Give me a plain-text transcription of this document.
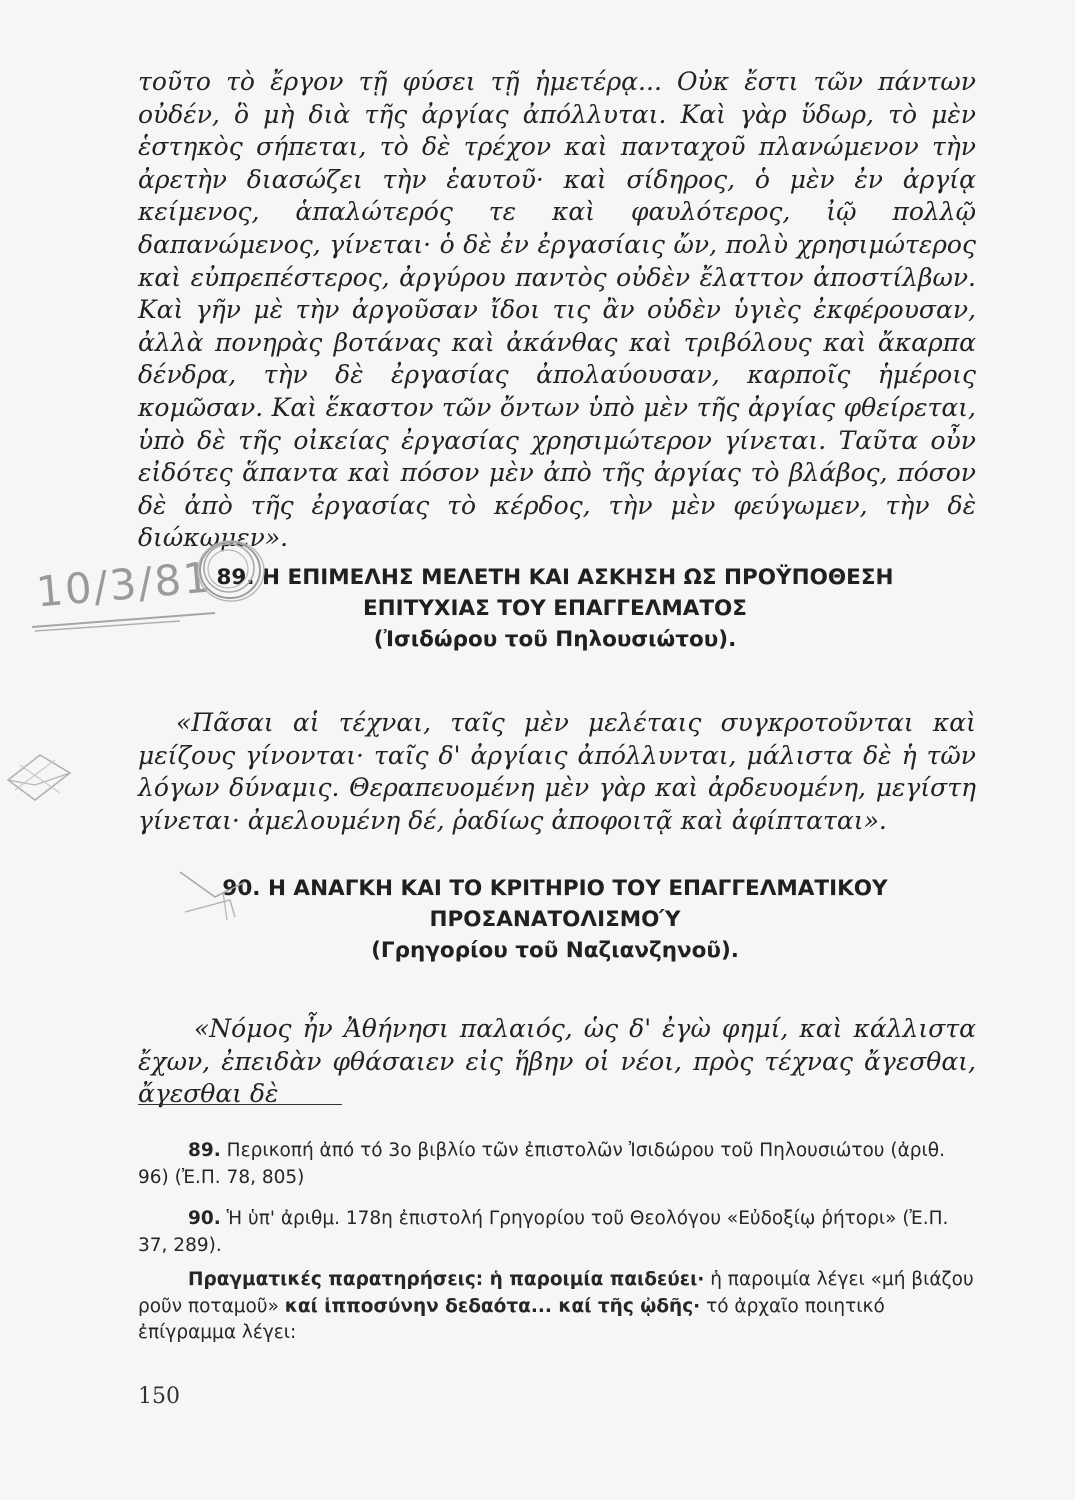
τοῦτο τὸ ἔργον τῇ φύσει τῇ ἡμετέρᾳ... Οὐκ ἔστι τῶν πάντων οὐδέν, ὃ μὴ διὰ τῆς ἀργίας ἀπόλλυται. Καὶ γὰρ ὕδωρ, τὸ μὲν ἑστηκὸς σήπεται, τὸ δὲ τρέχον καὶ πανταχοῦ πλανώμενον τὴν ἀρετὴν διασώζει τὴν ἑαυτοῦ· καὶ σίδηρος, ὁ μὲν ἐν ἀργίᾳ κείμενος, ἁπαλώτερός τε καὶ φαυλότερος, ἰῷ πολλῷ δαπανώμενος, γίνεται· ὁ δὲ ἐν ἐργασίαις ὤν, πολὺ χρησιμώτερος καὶ εὐπρεπέστερος, ἀργύρου παντὸς οὐδὲν ἔλαττον ἀποστίλβων. Καὶ γῆν μὲ τὴν ἀργοῦσαν ἴδοι τις ἂν οὐδὲν ὑγιὲς ἐκφέρουσαν, ἀλλὰ πονηρὰς βοτάνας καὶ ἀκάνθας καὶ τριβόλους καὶ ἄκαρπα δένδρα, τὴν δὲ ἐργασίας ἀπολαύουσαν, καρποῖς ἡμέροις κομῶσαν. Καὶ ἕκαστον τῶν ὄντων ὑπὸ μὲν τῆς ἀργίας φθείρεται, ὑπὸ δὲ τῆς οἰκείας ἐργασίας χρησιμώτερον γίνεται. Ταῦτα οὖν εἰδότες ἅπαντα καὶ πόσον μὲν ἀπὸ τῆς ἀργίας τὸ βλάβος, πόσον δὲ ἀπὸ τῆς ἐργασίας τὸ κέρδος, τὴν μὲν φεύγωμεν, τὴν δὲ διώκωμεν».

89. Η ΕΠΙΜΕΛΗΣ ΜΕΛΕΤΗ ΚΑΙ ΑΣΚΗΣΗ ΩΣ ΠΡΟΫΠΟΘΕΣΗ
ΕΠΙΤΥΧΙΑΣ ΤΟΥ ΕΠΑΓΓΕΛΜΑΤΟΣ
(Ἰσιδώρου τοῦ Πηλουσιώτου).

«Πᾶσαι αἱ τέχναι, ταῖς μὲν μελέταις συγκροτοῦνται καὶ μείζους γίνονται· ταῖς δ' ἀργίαις ἀπόλλυνται, μάλιστα δὲ ἡ τῶν λόγων δύναμις. Θεραπευομένη μὲν γὰρ καὶ ἀρδευομένη, μεγίστη γίνεται· ἀμελουμένη δέ, ῥαδίως ἀποφοιτᾷ καὶ ἀφίπταται».

90. Η ΑΝΑΓΚΗ ΚΑΙ ΤΟ ΚΡΙΤΗΡΙΟ ΤΟΥ ΕΠΑΓΓΕΛΜΑΤΙΚΟΥ
ΠΡΟΣΑΝΑΤΟΛΙΣΜΟΎ
(Γρηγορίου τοῦ Ναζιανζηνοῦ).

«Νόμος ἦν Ἀθήνησι παλαιός, ὡς δ' ἐγὼ φημί, καὶ κάλλιστα ἔχων, ἐπειδὰν φθάσαιεν εἰς ἥβην οἱ νέοι, πρὸς τέχνας ἄγεσθαι, ἄγεσθαι δὲ

89. Περικοπή ἀπό τό 3ο βιβλίο τῶν ἐπιστολῶν Ἰσιδώρου τοῦ Πηλουσιώτου (ἀριθ. 96) (Ἐ.Π. 78, 805)

90. Ἡ ὑπ' ἀριθμ. 178η ἐπιστολή Γρηγορίου τοῦ Θεολόγου «Εὐδοξίῳ ῥήτορι» (Ἐ.Π. 37, 289).

Πραγματικές παρατηρήσεις: ἡ παροιμία παιδεύει· ἡ παροιμία λέγει «μή βιάζου ροῦν ποταμοῦ» καί ἱπποσύνην δεδαότα... καί τῆς ᾠδῆς· τό ἀρχαῖο ποιητικό ἐπίγραμμα λέγει:

150

10/3/81
